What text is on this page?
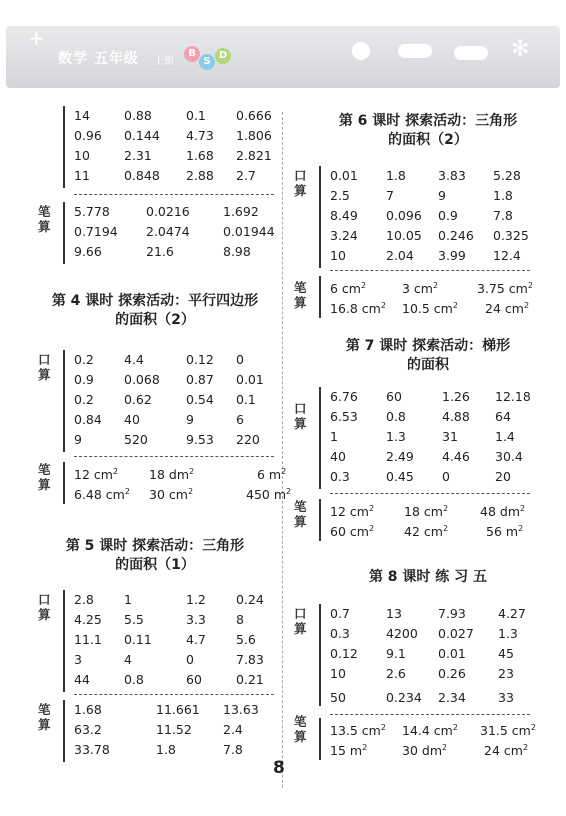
+
数学 五年级 上册
B
S
D	✻
14	0.88	0.1	0.666
0.96	0.144	4.73	1.806
10	2.31	1.68	2.821
11	0.848	2.88	2.7
笔算
5.778	0.0216	1.692
0.7194	2.0474	0.01944
9.66	21.6	8.98
第 4 课时 探索活动：平行四边形
的面积（2）
口算
0.2	4.4	0.12	0
0.9	0.068	0.87	0.01
0.2	0.62	0.54	0.1
0.84	40	9	6
9	520	9.53	220
笔算
12 $cm^2$	18 $dm^2$	6 $m^2$
6.48 $cm^2$	30 $cm^2$	450 $m^2$
第 5 课时 探索活动：三角形
的面积（1）
口算
2.8	1	1.2	0.24
4.25	5.5	3.3	8
11.1	0.11	4.7	5.6
3	4	0	7.83
44	0.8	60	0.21
笔算
1.68	11.661	13.63
63.2	11.52	2.4
33.78	1.8	7.8
第 6 课时 探索活动：三角形
的面积（2）
口算
0.01	1.8	3.83	5.28
2.5	7	9	1.8
8.49	0.096	0.9	7.8
3.24	10.05	0.246	0.325
10	2.04	3.99	12.4
笔算
6 $cm^2$	3 $cm^2$	3.75 $cm^2$
16.8 $cm^2$	10.5 $cm^2$	24 $cm^2$
第 7 课时 探索活动：梯形
的面积
口算
6.76	60	1.26	12.18
6.53	0.8	4.88	64
1	1.3	31	1.4
40	2.49	4.46	30.4
0.3	0.45	0	20
笔算
12 $cm^2$	18 $cm^2$	48 $dm^2$
60 $cm^2$	42 $cm^2$	56 $m^2$
第 8 课时 练 习 五
口算
0.7	13	7.93	4.27
0.3	4200	0.027	1.3
0.12	9.1	0.01	45
10	2.6	0.26	23
50	0.234	2.34	33
笔算 13.5 $cm^2$	14.4 $cm^2$	31.5 $cm^2$
15 $m^2$	30 $dm^2$	24 $cm^2$
8
